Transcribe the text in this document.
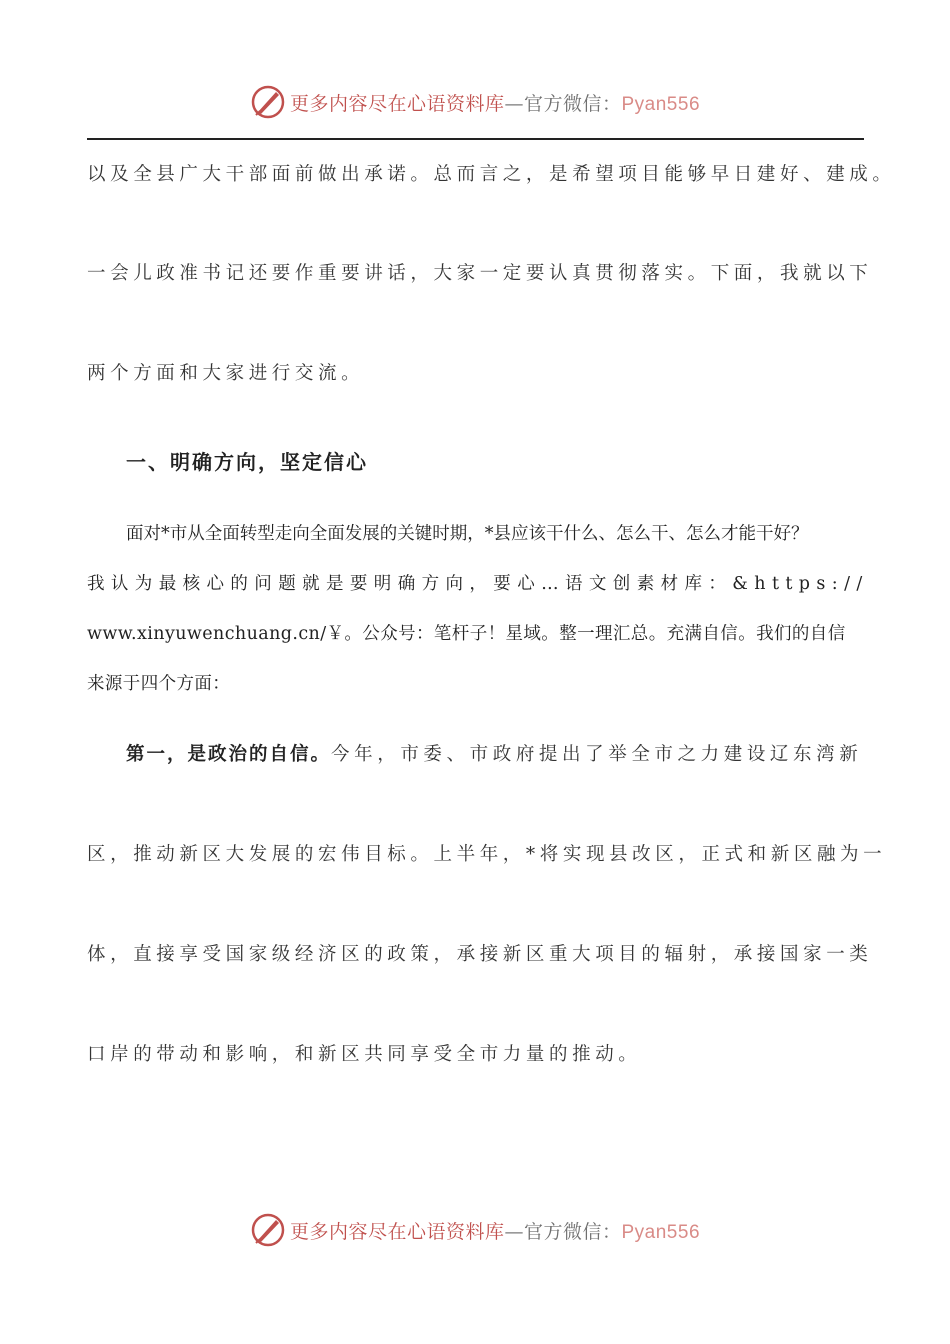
更多内容尽在心语资料库—官方微信：Pyan556
以及全县广大干部面前做出承诺。总而言之，是希望项目能够早日建好、建成。
一会儿政准书记还要作重要讲话，大家一定要认真贯彻落实。下面，我就以下
两个方面和大家进行交流。
一、明确方向，坚定信心
面对*市从全面转型走向全面发展的关键时期，*县应该干什么、怎么干、怎么才能干好？
我认为最核心的问题就是要明确方向，要心…语文创素材库：&https://
www.xinyuwenchuang.cn/￥。公众号：笔杆子！星域。整一理汇总。充满自信。我们的自信
来源于四个方面：
第一，是政治的自信。今年，市委、市政府提出了举全市之力建设辽东湾新
区，推动新区大发展的宏伟目标。上半年，*将实现县改区，正式和新区融为一
体，直接享受国家级经济区的政策，承接新区重大项目的辐射，承接国家一类
口岸的带动和影响，和新区共同享受全市力量的推动。
更多内容尽在心语资料库—官方微信：Pyan556
